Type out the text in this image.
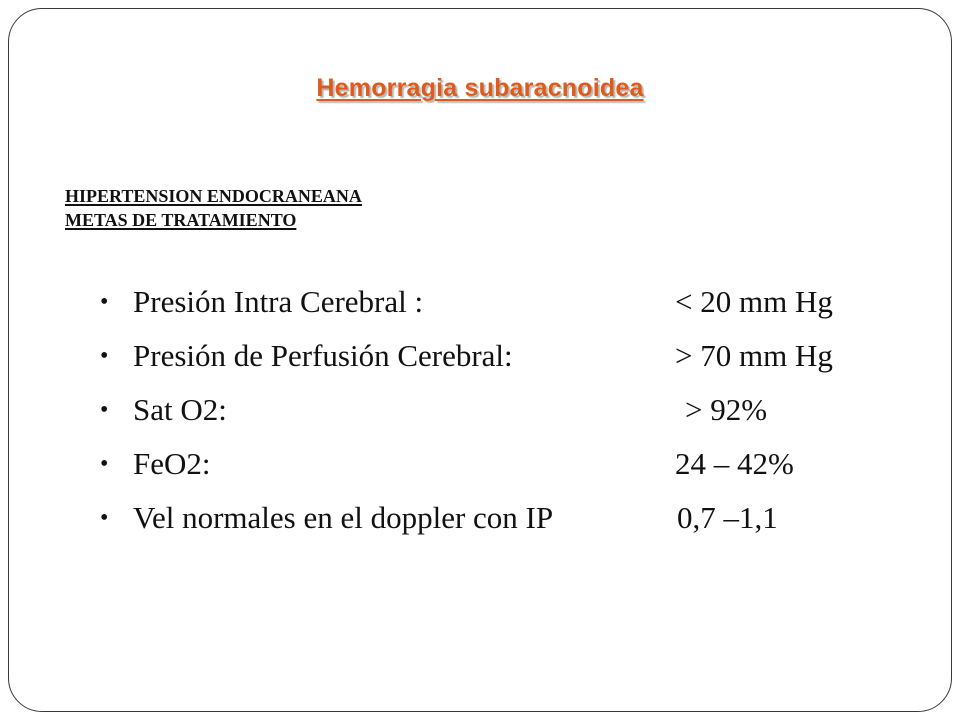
Hemorragia subaracnoidea
HIPERTENSION ENDOCRANEANA
METAS DE TRATAMIENTO
• Presión Intra Cerebral :	< 20 mm Hg
• Presión de Perfusión Cerebral:	> 70 mm Hg
• Sat O2:	> 92%
• FeO2:	24 – 42%
• Vel normales en el doppler con IP	0,7 –1,1
